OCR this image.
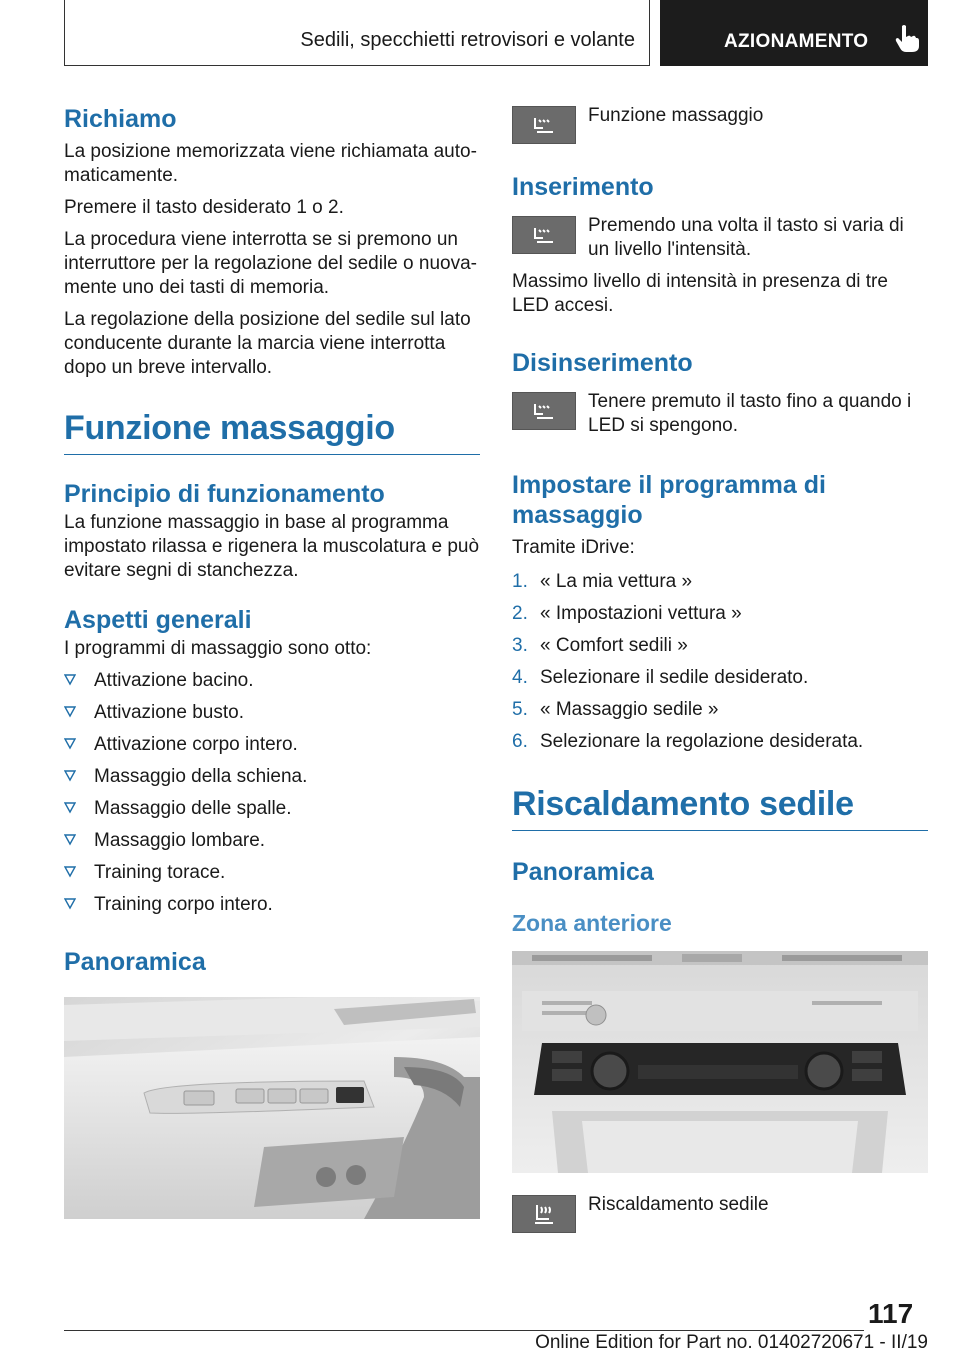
Sedili, specchietti retrovisori e volante	AZIONAMENTO
Richiamo

La posizione memorizzata viene richiamata automaticamente.

Premere il tasto desiderato 1 o 2.

La procedura viene interrotta se si premono un interruttore per la regolazione del sedile o nuovamente uno dei tasti di memoria.

La regolazione della posizione del sedile sul lato conducente durante la marcia viene interrotta dopo un breve intervallo.

Funzione massaggio
Principio di funzionamento

La funzione massaggio in base al programma impostato rilassa e rigenera la muscolatura e può evitare segni di stanchezza.

Aspetti generali

I programmi di massaggio sono otto:

Attivazione bacino.
Attivazione busto.
Attivazione corpo intero.
Massaggio della schiena.
Massaggio delle spalle.
Massaggio lombare.
Training torace.
Training corpo intero.
Panoramica

Funzione massaggio

Inserimento

Premendo una volta il tasto si varia di un livello l'intensità.

Massimo livello di intensità in presenza di tre LED accesi.

Disinserimento

Tenere premuto il tasto fino a quando i LED si spengono.

Impostare il programma di massaggio

Tramite iDrive:

1. « La mia vettura »
2. « Impostazioni vettura »
3. « Comfort sedili »
4. Selezionare il sedile desiderato.
5. « Massaggio sedile »
6. Selezionare la regolazione desiderata.
Riscaldamento sedile
Panoramica
Zona anteriore

Riscaldamento sedile

117
Online Edition for Part no. 01402720671 - II/19
